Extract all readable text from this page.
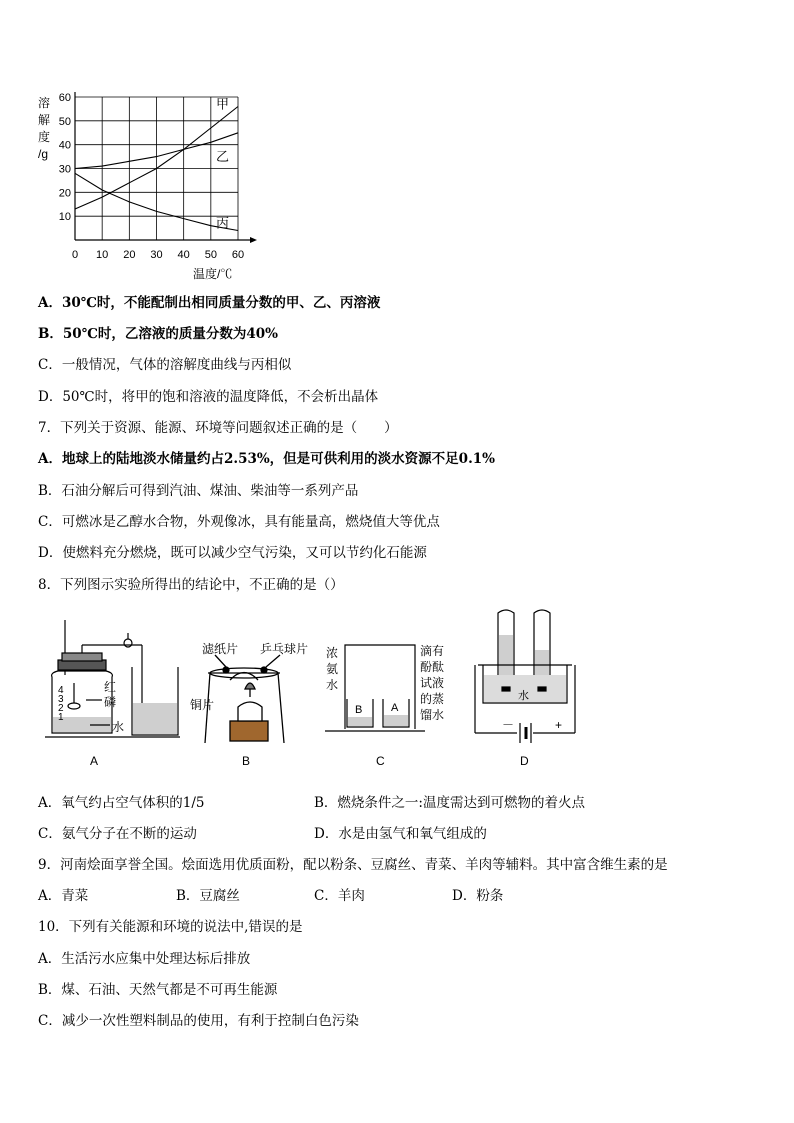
甲
乙
丙
0 10 20 30 40 50 60
10
20
30
40
50
60
溶
解
度
/g
温度/℃
A．30℃时，不能配制出相同质量分数的甲、乙、丙溶液
B．50℃时，乙溶液的质量分数为40%
C．一般情况，气体的溶解度曲线与丙相似
D．50℃时，将甲的饱和溶液的温度降低，不会析出晶体
7．下列关于资源、能源、环境等问题叙述正确的是（　　）
A．地球上的陆地淡水储量约占2.53%，但是可供利用的淡水资源不足0.1%
B．石油分解后可得到汽油、煤油、柴油等一系列产品
C．可燃冰是乙醇水合物，外观像冰，具有能量高，燃烧值大等优点
D．使燃料充分燃烧，既可以减少空气污染，又可以节约化石能源
8．下列图示实验所得出的结论中，不正确的是（）
4
3
2
1
红
磷
水
A
滤纸片 乒乓球片
铜片
B
浓
氨
水
滴有
酚酞
试液
的蒸
馏水
B	A
C
水
－	+
D
A．氧气约占空气体积的1/5	B．燃烧条件之一:温度需达到可燃物的着火点
C．氨气分子在不断的运动	D．水是由氢气和氧气组成的
9．河南烩面享誉全国。烩面选用优质面粉，配以粉条、豆腐丝、青菜、羊肉等辅料。其中富含维生素的是
A．青菜	B．豆腐丝	C．羊肉	D．粉条
10．下列有关能源和环境的说法中,错误的是
A．生活污水应集中处理达标后排放
B．煤、石油、天然气都是不可再生能源
C．减少一次性塑料制品的使用，有利于控制白色污染
